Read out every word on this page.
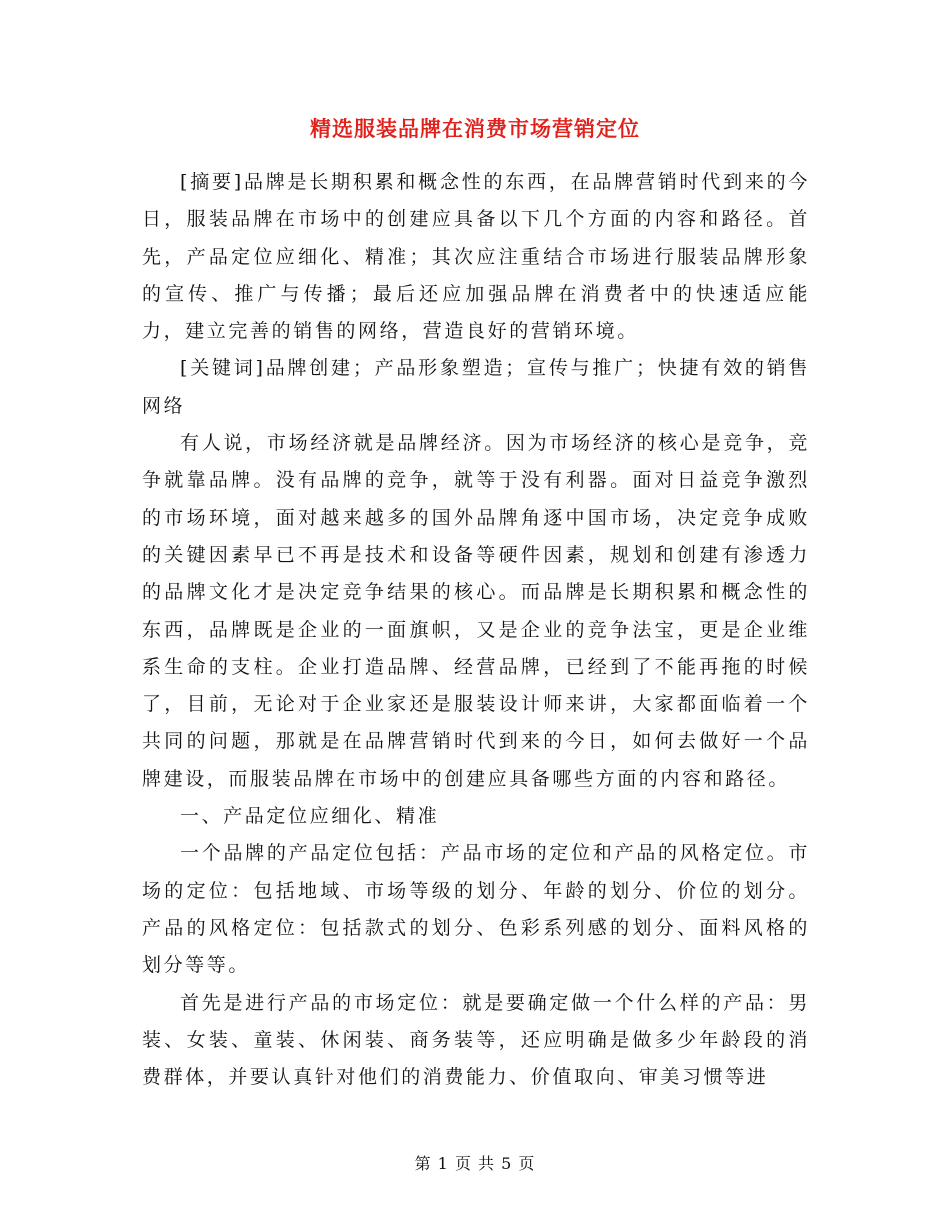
精选服装品牌在消费市场营销定位

[摘要]品牌是长期积累和概念性的东西，在品牌营销时代到来的今日，服装品牌在市场中的创建应具备以下几个方面的内容和路径。首先，产品定位应细化、精准；其次应注重结合市场进行服装品牌形象的宣传、推广与传播；最后还应加强品牌在消费者中的快速适应能力，建立完善的销售的网络，营造良好的营销环境。

[关键词]品牌创建；产品形象塑造；宣传与推广；快捷有效的销售网络

有人说，市场经济就是品牌经济。因为市场经济的核心是竞争，竞争就靠品牌。没有品牌的竞争，就等于没有利器。面对日益竞争激烈的市场环境，面对越来越多的国外品牌角逐中国市场，决定竞争成败的关键因素早已不再是技术和设备等硬件因素，规划和创建有渗透力的品牌文化才是决定竞争结果的核心。而品牌是长期积累和概念性的东西，品牌既是企业的一面旗帜，又是企业的竞争法宝，更是企业维系生命的支柱。企业打造品牌、经营品牌，已经到了不能再拖的时候了，目前，无论对于企业家还是服装设计师来讲，大家都面临着一个共同的问题，那就是在品牌营销时代到来的今日，如何去做好一个品牌建设，而服装品牌在市场中的创建应具备哪些方面的内容和路径。

一、产品定位应细化、精准

一个品牌的产品定位包括：产品市场的定位和产品的风格定位。市场的定位：包括地域、市场等级的划分、年龄的划分、价位的划分。产品的风格定位：包括款式的划分、色彩系列感的划分、面料风格的划分等等。

首先是进行产品的市场定位：就是要确定做一个什么样的产品：男装、女装、童装、休闲装、商务装等，还应明确是做多少年龄段的消费群体，并要认真针对他们的消费能力、价值取向、审美习惯等进

第 1 页 共 5 页
